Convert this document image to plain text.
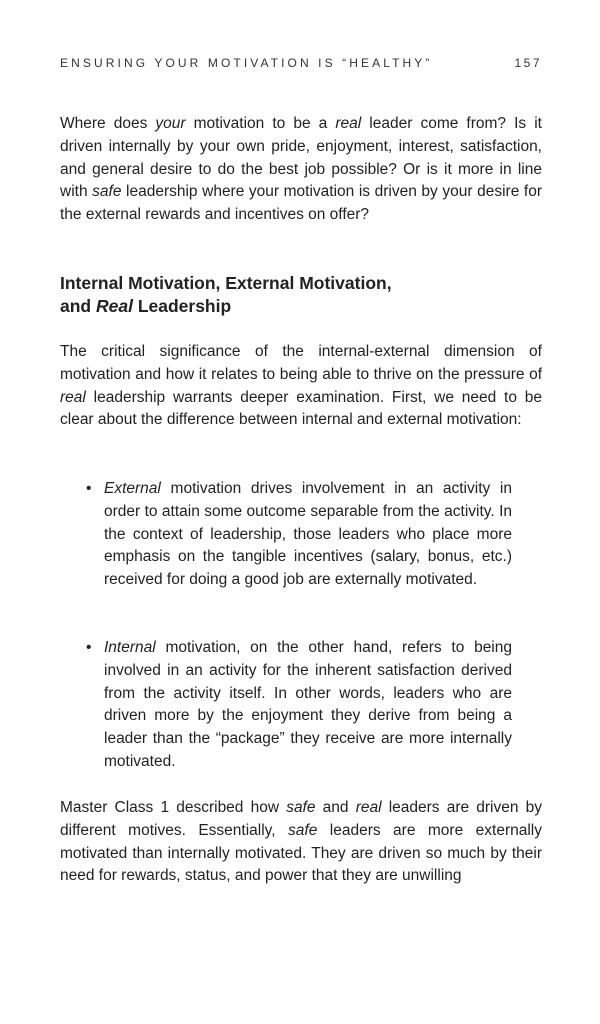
ENSURING YOUR MOTIVATION IS “HEALTHY”	157

Where does your motivation to be a real leader come from? Is it driven internally by your own pride, enjoyment, interest, satisfaction, and general desire to do the best job possible? Or is it more in line with safe leadership where your motivation is driven by your desire for the external rewards and incentives on offer?

Internal Motivation, External Motivation,
and Real Leadership

The critical significance of the internal-external dimension of motivation and how it relates to being able to thrive on the pressure of real leadership warrants deeper examination. First, we need to be clear about the difference between internal and external motivation:

• External motivation drives involvement in an activity in order to attain some outcome separable from the activity. In the context of leadership, those leaders who place more emphasis on the tangible incentives (salary, bonus, etc.) received for doing a good job are externally motivated.
• Internal motivation, on the other hand, refers to being involved in an activity for the inherent satisfaction derived from the activity itself. In other words, leaders who are driven more by the enjoyment they derive from being a leader than the “package” they receive are more internally motivated.

Master Class 1 described how safe and real leaders are driven by different motives. Essentially, safe leaders are more externally motivated than internally motivated. They are driven so much by their need for rewards, status, and power that they are unwilling
